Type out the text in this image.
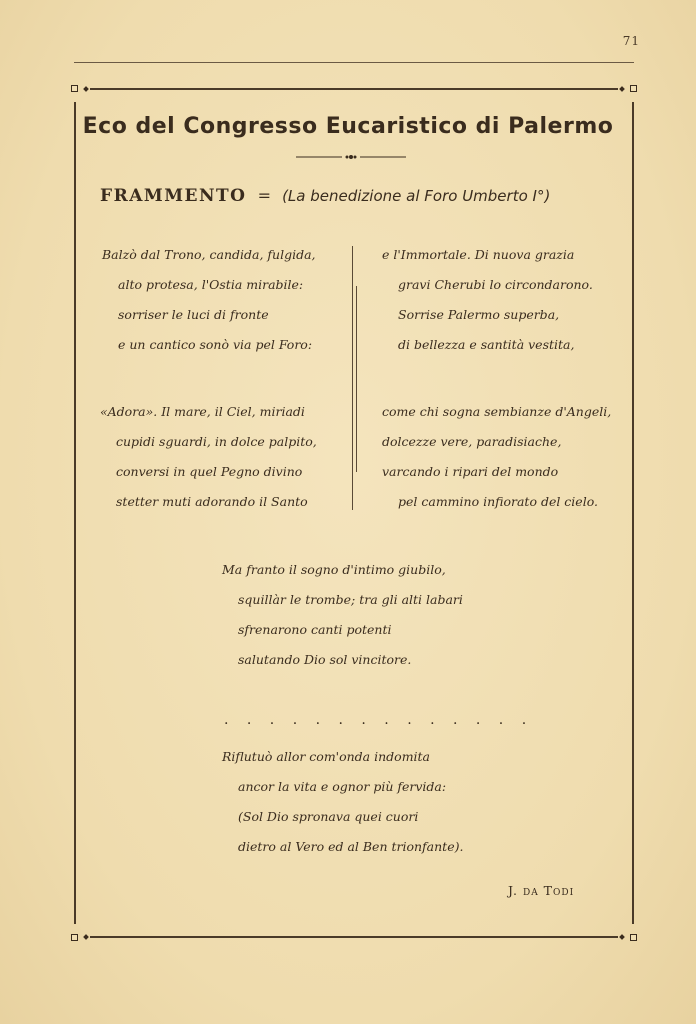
71
Eco del Congresso Eucaristico di Palermo
FRAMMENTO = (La benedizione al Foro Umberto I°)
Balzò dal Trono, candida, fulgida,
alto protesa, l'Ostia mirabile:
sorriser le luci di fronte
e un cantico sonò via pel Foro:
e l'Immortale. Di nuova grazia
gravi Cherubi lo circondarono.
Sorrise Palermo superba,
di bellezza e santità vestita,
«Adora». Il mare, il Ciel, miriadi
cupidi sguardi, in dolce palpito,
conversi in quel Pegno divino
stetter muti adorando il Santo
come chi sogna sembianze d'Angeli,
dolcezze vere, paradisiache,
varcando i ripari del mondo
pel cammino infiorato del cielo.
Ma franto il sogno d'intimo giubilo,
squillàr le trombe; tra gli alti labari
sfrenarono canti potenti
salutando Dio sol vincitore.
. . . . . . . . . . . . . .
Riflutuò allor com'onda indomita
ancor la vita e ognor più fervida:
(Sol Dio spronava quei cuori
dietro al Vero ed al Ben trionfante).
J. da Todi
